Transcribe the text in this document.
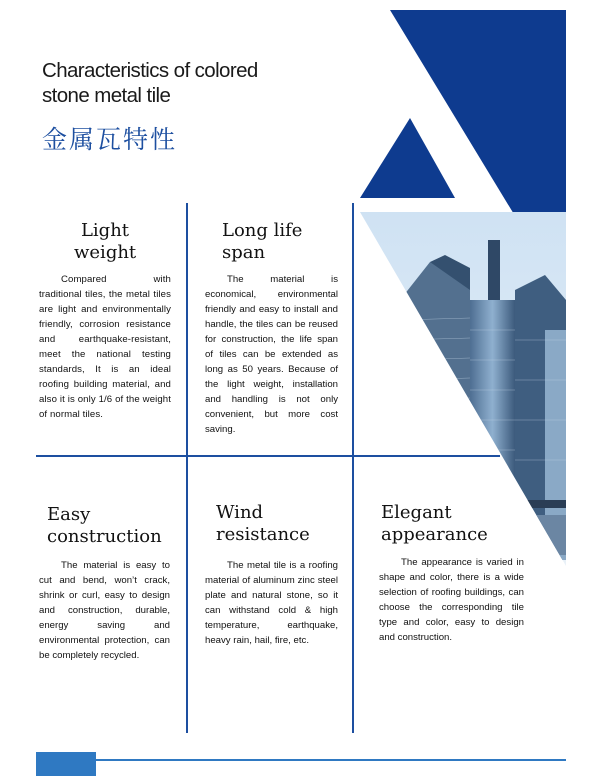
Characteristics of colored
stone metal tile
金属瓦特性
Light
weight

Compared with traditional tiles, the metal tiles are light and environmentally friendly, corrosion resistance and earthquake-resistant, meet the national testing standards, It is an ideal roofing building material, and also it is only 1/6 of the weight of normal tiles.

Long life
span

The material is economical, environmental friendly and easy to install and handle, the tiles can be reused for construction, the life span of tiles can be extended as long as 50 years. Because of the light weight, installation and handling is not only convenient, but more cost saving.

Easy
construction

The material is easy to cut and bend, won’t crack, shrink or curl, easy to design and construction, durable, energy saving and environmental protection, can be completely recycled.

Wind
resistance

The metal tile is a roofing material of aluminum zinc steel plate and natural stone, so it can withstand cold & high temperature, earthquake, heavy rain, hail, fire, etc.

Elegant
appearance

The appearance is varied in shape and color, there is a wide selection of roofing buildings, can choose the corresponding tile type and color, easy to design and construction.
